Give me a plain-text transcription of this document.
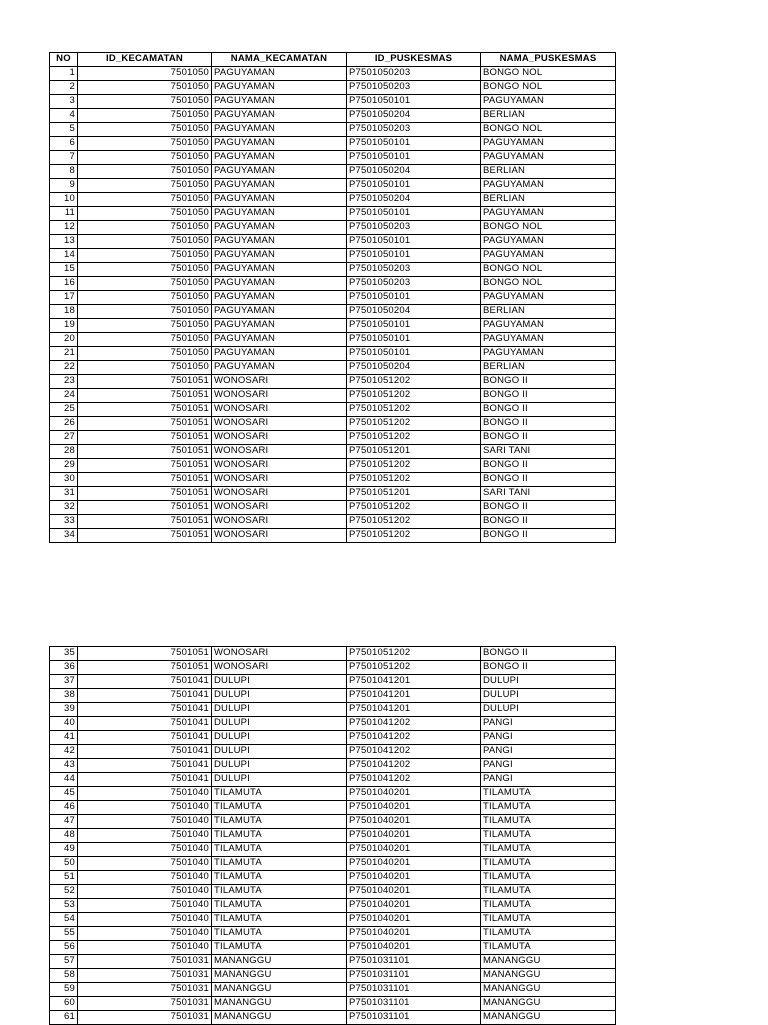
NO	ID_KECAMATAN	NAMA_KECAMATAN	ID_PUSKESMAS	NAMA_PUSKESMAS
1	7501050	PAGUYAMAN	P7501050203	BONGO NOL
2	7501050	PAGUYAMAN	P7501050203	BONGO NOL
3	7501050	PAGUYAMAN	P7501050101	PAGUYAMAN
4	7501050	PAGUYAMAN	P7501050204	BERLIAN
5	7501050	PAGUYAMAN	P7501050203	BONGO NOL
6	7501050	PAGUYAMAN	P7501050101	PAGUYAMAN
7	7501050	PAGUYAMAN	P7501050101	PAGUYAMAN
8	7501050	PAGUYAMAN	P7501050204	BERLIAN
9	7501050	PAGUYAMAN	P7501050101	PAGUYAMAN
10	7501050	PAGUYAMAN	P7501050204	BERLIAN
11	7501050	PAGUYAMAN	P7501050101	PAGUYAMAN
12	7501050	PAGUYAMAN	P7501050203	BONGO NOL
13	7501050	PAGUYAMAN	P7501050101	PAGUYAMAN
14	7501050	PAGUYAMAN	P7501050101	PAGUYAMAN
15	7501050	PAGUYAMAN	P7501050203	BONGO NOL
16	7501050	PAGUYAMAN	P7501050203	BONGO NOL
17	7501050	PAGUYAMAN	P7501050101	PAGUYAMAN
18	7501050	PAGUYAMAN	P7501050204	BERLIAN
19	7501050	PAGUYAMAN	P7501050101	PAGUYAMAN
20	7501050	PAGUYAMAN	P7501050101	PAGUYAMAN
21	7501050	PAGUYAMAN	P7501050101	PAGUYAMAN
22	7501050	PAGUYAMAN	P7501050204	BERLIAN
23	7501051	WONOSARI	P7501051202	BONGO II
24	7501051	WONOSARI	P7501051202	BONGO II
25	7501051	WONOSARI	P7501051202	BONGO II
26	7501051	WONOSARI	P7501051202	BONGO II
27	7501051	WONOSARI	P7501051202	BONGO II
28	7501051	WONOSARI	P7501051201	SARI TANI
29	7501051	WONOSARI	P7501051202	BONGO II
30	7501051	WONOSARI	P7501051202	BONGO II
31	7501051	WONOSARI	P7501051201	SARI TANI
32	7501051	WONOSARI	P7501051202	BONGO II
33	7501051	WONOSARI	P7501051202	BONGO II
34	7501051	WONOSARI	P7501051202	BONGO II
35	7501051	WONOSARI	P7501051202	BONGO II
36	7501051	WONOSARI	P7501051202	BONGO II
37	7501041	DULUPI	P7501041201	DULUPI
38	7501041	DULUPI	P7501041201	DULUPI
39	7501041	DULUPI	P7501041201	DULUPI
40	7501041	DULUPI	P7501041202	PANGI
41	7501041	DULUPI	P7501041202	PANGI
42	7501041	DULUPI	P7501041202	PANGI
43	7501041	DULUPI	P7501041202	PANGI
44	7501041	DULUPI	P7501041202	PANGI
45	7501040	TILAMUTA	P7501040201	TILAMUTA
46	7501040	TILAMUTA	P7501040201	TILAMUTA
47	7501040	TILAMUTA	P7501040201	TILAMUTA
48	7501040	TILAMUTA	P7501040201	TILAMUTA
49	7501040	TILAMUTA	P7501040201	TILAMUTA
50	7501040	TILAMUTA	P7501040201	TILAMUTA
51	7501040	TILAMUTA	P7501040201	TILAMUTA
52	7501040	TILAMUTA	P7501040201	TILAMUTA
53	7501040	TILAMUTA	P7501040201	TILAMUTA
54	7501040	TILAMUTA	P7501040201	TILAMUTA
55	7501040	TILAMUTA	P7501040201	TILAMUTA
56	7501040	TILAMUTA	P7501040201	TILAMUTA
57	7501031	MANANGGU	P7501031101	MANANGGU
58	7501031	MANANGGU	P7501031101	MANANGGU
59	7501031	MANANGGU	P7501031101	MANANGGU
60	7501031	MANANGGU	P7501031101	MANANGGU
61	7501031	MANANGGU	P7501031101	MANANGGU
